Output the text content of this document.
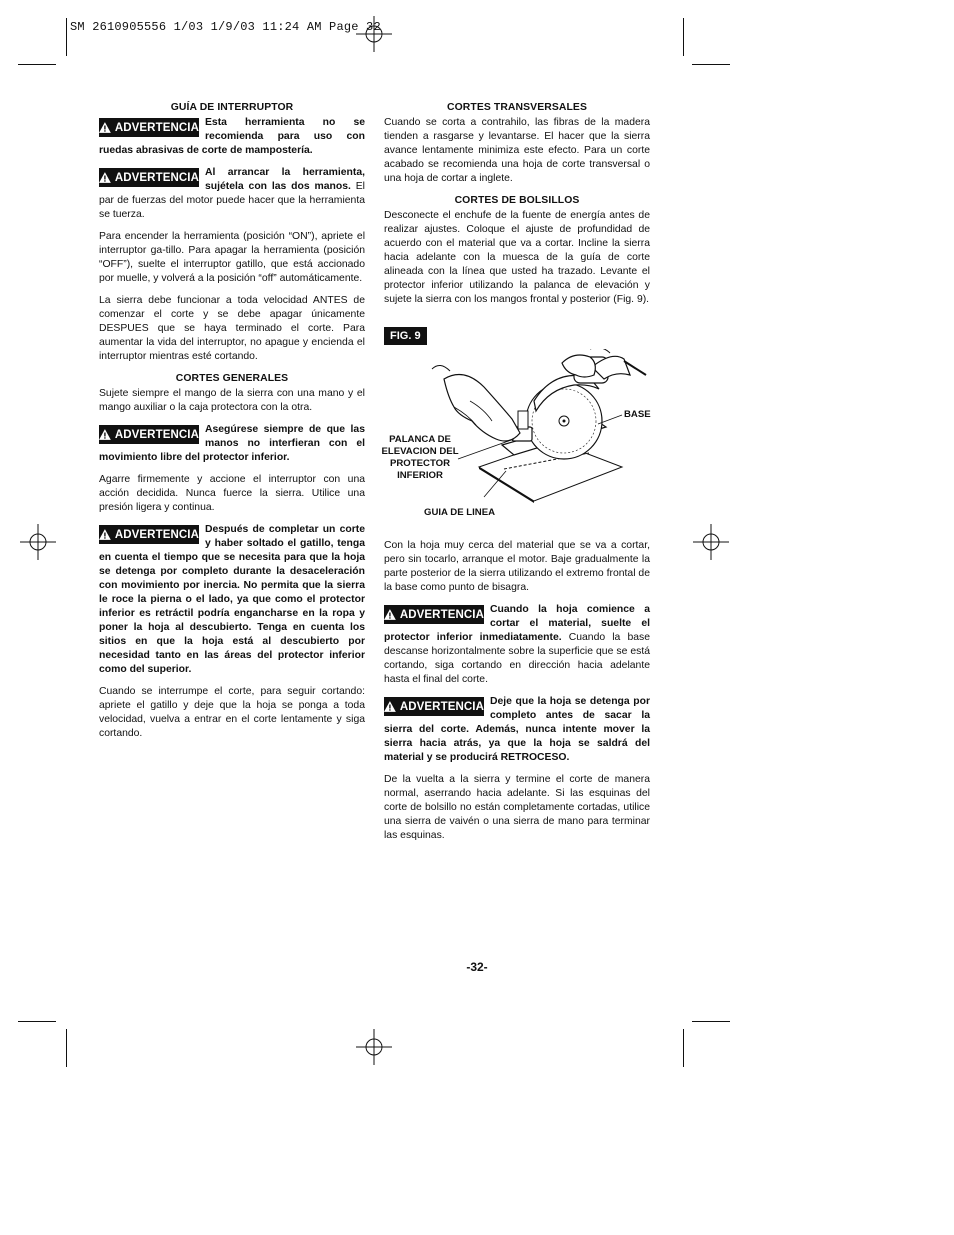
SM 2610905556 1/03 1/9/03 11:24 AM Page 32
GUÍA DE INTERRUPTOR
ADVERTENCIA Esta herramienta no se recomienda para uso con ruedas abrasivas de corte de mampostería.
ADVERTENCIA Al arrancar la herramienta, sujétela con las dos manos. El par de fuerzas del motor puede hacer que la herramienta se tuerza.

Para encender la herramienta (posición “ON”), apriete el interruptor ga-tillo. Para apagar la herramienta (posición “OFF”), suelte el interruptor gatillo, que está accionado por muelle, y volverá a la posición “off” automáticamente.

La sierra debe funcionar a toda velocidad ANTES de comenzar el corte y se debe apagar únicamente DESPUES que se haya terminado el corte. Para aumentar la vida del interruptor, no apague y encienda el interruptor mientras esté cortando.

CORTES GENERALES

Sujete siempre el mango de la sierra con una mano y el mango auxiliar o la caja protectora con la otra.

ADVERTENCIA Asegúrese siempre de que las manos no interfieran con el movimiento libre del protector inferior.

Agarre firmemente y accione el interruptor con una acción decidida. Nunca fuerce la sierra. Utilice una presión ligera y continua.

ADVERTENCIA Después de completar un corte y haber soltado el gatillo, tenga en cuenta el tiempo que se necesita para que la hoja se detenga por completo durante la desaceleración con movimiento por inercia. No permita que la sierra le roce la pierna o el lado, ya que como el protector inferior es retráctil podría engancharse en la ropa y poner la hoja al descubierto. Tenga en cuenta los sitios en que la hoja está al descubierto por necesidad tanto en las áreas del protector inferior como del superior.

Cuando se interrumpe el corte, para seguir cortando: apriete el gatillo y deje que la hoja se ponga a toda velocidad, vuelva a entrar en el corte lentamente y siga cortando.

CORTES TRANSVERSALES

Cuando se corta a contrahilo, las fibras de la madera tienden a rasgarse y levantarse. El hacer que la sierra avance lentamente minimiza este efecto. Para un corte acabado se recomienda una hoja de corte transversal o una hoja de cortar a inglete.

CORTES DE BOLSILLOS

Desconecte el enchufe de la fuente de energía antes de realizar ajustes. Coloque el ajuste de profundidad de acuerdo con el material que va a cortar. Incline la sierra hacia adelante con la muesca de la guía de corte alineada con la línea que usted ha trazado. Levante el protector inferior utilizando la palanca de elevación y sujete la sierra con los mangos frontal y posterior (Fig. 9).

FIG. 9
BASE
PALANCA DE ELEVACION DEL PROTECTOR INFERIOR
GUIA DE LINEA

Con la hoja muy cerca del material que se va a cortar, pero sin tocarlo, arranque el motor. Baje gradualmente la parte posterior de la sierra utilizando el extremo frontal de la base como punto de bisagra.

ADVERTENCIA Cuando la hoja comience a cortar el material, suelte el protector inferior inmediatamente. Cuando la base descanse horizontalmente sobre la superficie que se está cortando, siga cortando en dirección hacia adelante hasta el final del corte.
ADVERTENCIA Deje que la hoja se detenga por completo antes de sacar la sierra del corte. Además, nunca intente mover la sierra hacia atrás, ya que la hoja se saldrá del material y se producirá RETROCESO.

De la vuelta a la sierra y termine el corte de manera normal, aserrando hacia adelante. Si las esquinas del corte de bolsillo no están completamente cortadas, utilice una sierra de vaivén o una sierra de mano para terminar las esquinas.

-32-
